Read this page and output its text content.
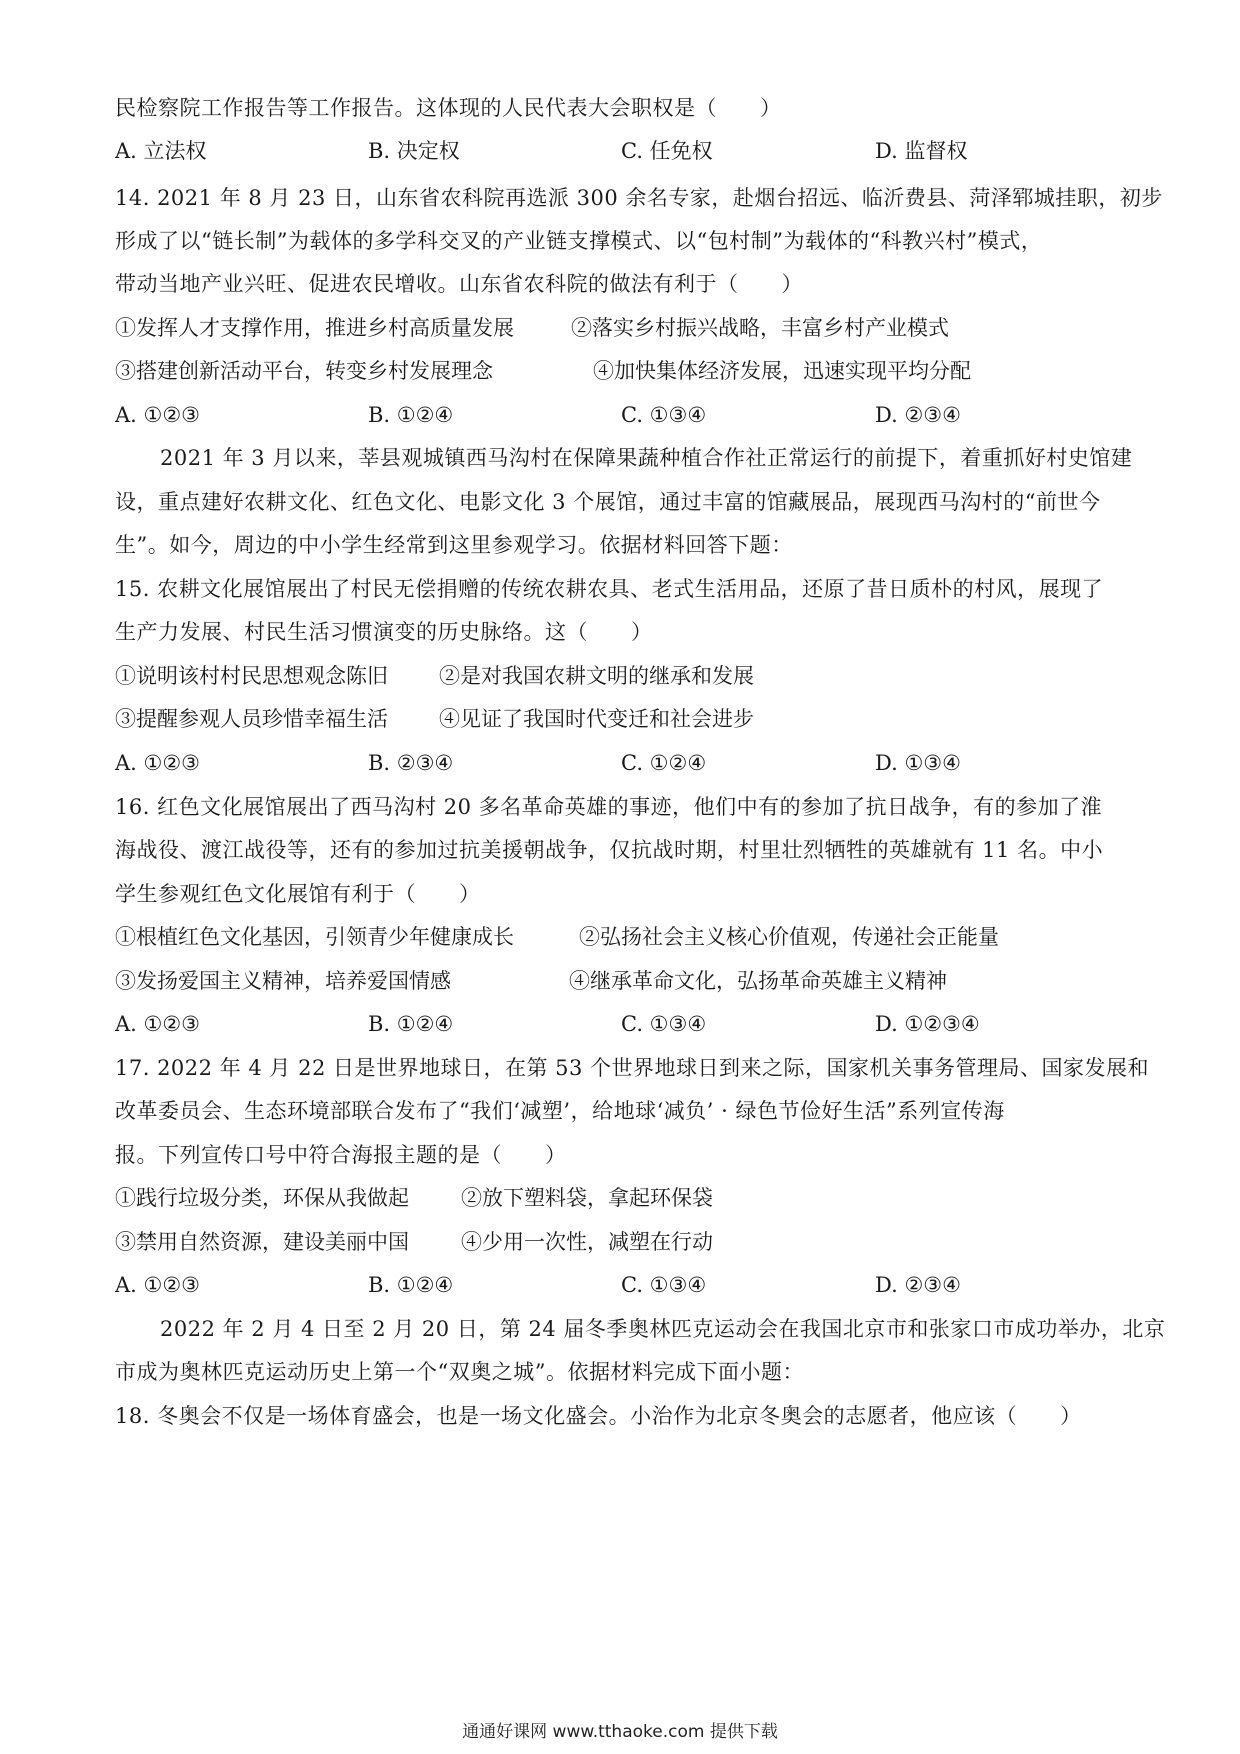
民检察院工作报告等工作报告。这体现的人民代表大会职权是（　　）
A. 立法权	B. 决定权	C. 任免权	D. 监督权
14. 2021 年 8 月 23 日，山东省农科院再选派 300 余名专家，赴烟台招远、临沂费县、菏泽郓城挂职，初步
形成了以“链长制”为载体的多学科交叉的产业链支撑模式、以“包村制”为载体的“科教兴村”模式，
带动当地产业兴旺、促进农民增收。山东省农科院的做法有利于（　　）
①发挥人才支撑作用，推进乡村高质量发展	②落实乡村振兴战略，丰富乡村产业模式
③搭建创新活动平台，转变乡村发展理念	④加快集体经济发展，迅速实现平均分配
A. ①②③	B. ①②④	C. ①③④	D. ②③④
2021 年 3 月以来，莘县观城镇西马沟村在保障果蔬种植合作社正常运行的前提下，着重抓好村史馆建
设，重点建好农耕文化、红色文化、电影文化 3 个展馆，通过丰富的馆藏展品，展现西马沟村的“前世今
生”。如今，周边的中小学生经常到这里参观学习。依据材料回答下题：
15. 农耕文化展馆展出了村民无偿捐赠的传统农耕农具、老式生活用品，还原了昔日质朴的村风，展现了
生产力发展、村民生活习惯演变的历史脉络。这（　　）
①说明该村村民思想观念陈旧 ②是对我国农耕文明的继承和发展
③提醒参观人员珍惜幸福生活 ④见证了我国时代变迁和社会进步
A. ①②③	B. ②③④	C. ①②④	D. ①③④
16. 红色文化展馆展出了西马沟村 20 多名革命英雄的事迹，他们中有的参加了抗日战争，有的参加了淮
海战役、渡江战役等，还有的参加过抗美援朝战争，仅抗战时期，村里壮烈牺牲的英雄就有 11 名。中小
学生参观红色文化展馆有利于（　　）
①根植红色文化基因，引领青少年健康成长	②弘扬社会主义核心价值观，传递社会正能量
③发扬爱国主义精神，培养爱国情感	④继承革命文化，弘扬革命英雄主义精神
A. ①②③	B. ①②④	C. ①③④	D. ①②③④
17. 2022 年 4 月 22 日是世界地球日，在第 53 个世界地球日到来之际，国家机关事务管理局、国家发展和
改革委员会、生态环境部联合发布了“我们‘减塑’，给地球‘减负’ · 绿色节俭好生活”系列宣传海
报。下列宣传口号中符合海报主题的是（　　）
①践行垃圾分类，环保从我做起 ②放下塑料袋，拿起环保袋
③禁用自然资源，建设美丽中国 ④少用一次性，减塑在行动
A. ①②③	B. ①②④	C. ①③④	D. ②③④
2022 年 2 月 4 日至 2 月 20 日，第 24 届冬季奥林匹克运动会在我国北京市和张家口市成功举办，北京
市成为奥林匹克运动历史上第一个“双奥之城”。依据材料完成下面小题：
18. 冬奥会不仅是一场体育盛会，也是一场文化盛会。小治作为北京冬奥会的志愿者，他应该（　　）
通通好课网 www.tthaoke.com 提供下载
